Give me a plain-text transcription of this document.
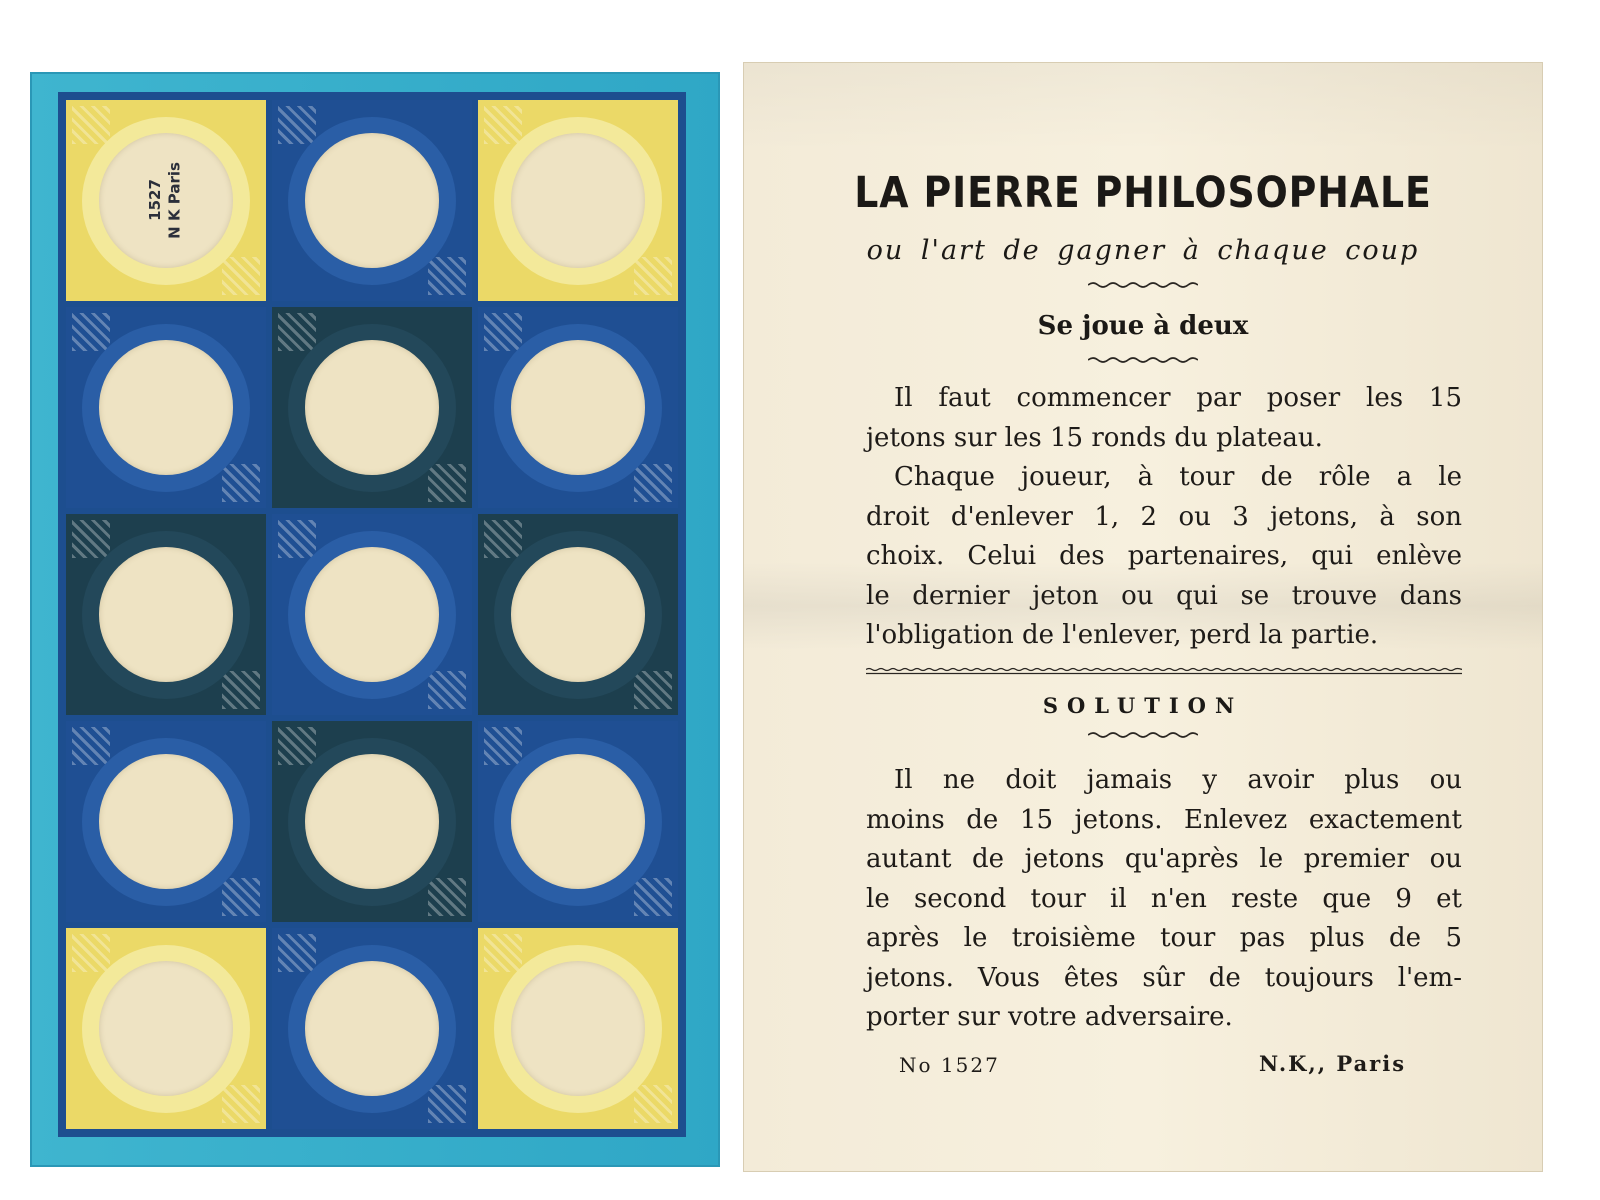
1527 N K Paris	LA PIERRE PHILOSOPHALE
ou l'art de gagner à chaque coup
Se joue à deux
Il faut commencer par poser les 15
jetons sur les 15 ronds du plateau.
Chaque joueur, à tour de rôle a le
droit d'enlever 1, 2 ou 3 jetons, à son
choix. Celui des partenaires, qui enlève
le dernier jeton ou qui se trouve dans
l'obligation de l'enlever, perd la partie.
SOLUTION
Il ne doit jamais y avoir plus ou
moins de 15 jetons. Enlevez exactement
autant de jetons qu'après le premier ou
le second tour il n'en reste que 9 et
après le troisième tour pas plus de 5
jetons. Vous êtes sûr de toujours l'em-
porter sur votre adversaire.
No 1527	N.K,, Paris
